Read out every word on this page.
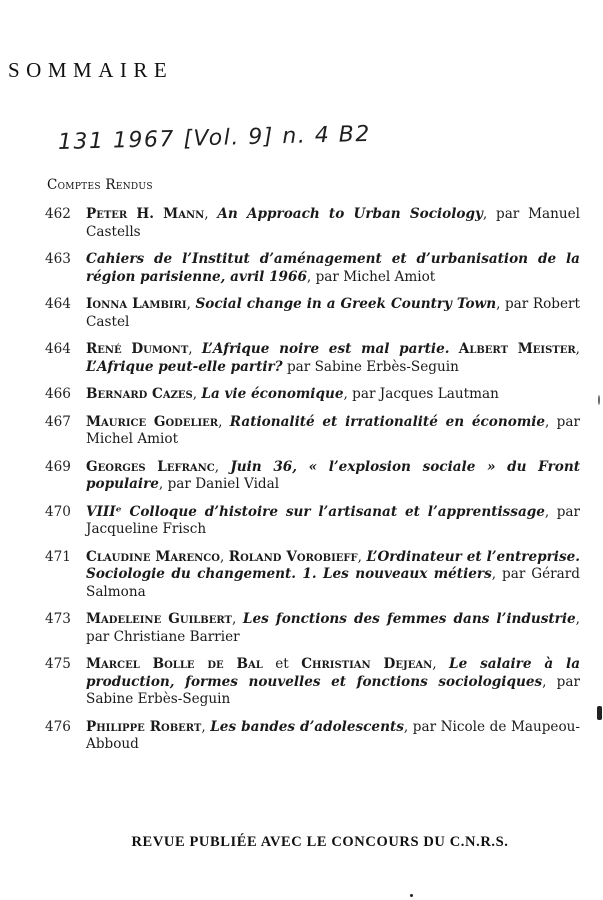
SOMMAIRE
131 1967 [Vol. 9] n. 4 B2
Comptes Rendus
462	Peter H. Mann, An Approach to Urban Sociology, par Manuel Castells
463	Cahiers de l’Institut d’aménagement et d’urbanisation de la région parisienne, avril 1966, par Michel Amiot
464	Ionna Lambiri, Social change in a Greek Country Town, par Robert Castel
464	René Dumont, L’Afrique noire est mal partie. Albert Meister, L’Afrique peut-elle partir? par Sabine Erbès-Seguin
466	Bernard Cazes, La vie économique, par Jacques Lautman
467	Maurice Godelier, Rationalité et irrationalité en économie, par Michel Amiot
469	Georges Lefranc, Juin 36, « l’explosion sociale » du Front populaire, par Daniel Vidal
470	VIIIᵉ Colloque d’histoire sur l’artisanat et l’apprentissage, par Jacqueline Frisch
471	Claudine Marenco, Roland Vorobieff, L’Ordinateur et l’entreprise. Sociologie du changement. 1. Les nouveaux métiers, par Gérard Salmona
473	Madeleine Guilbert, Les fonctions des femmes dans l’industrie, par Christiane Barrier
475	Marcel Bolle de Bal et Christian Dejean, Le salaire à la production, formes nouvelles et fonctions sociologiques, par Sabine Erbès-Seguin
476	Philippe Robert, Les bandes d’adolescents, par Nicole de Maupeou-Abboud
REVUE PUBLIÉE AVEC LE CONCOURS DU C.N.R.S.
